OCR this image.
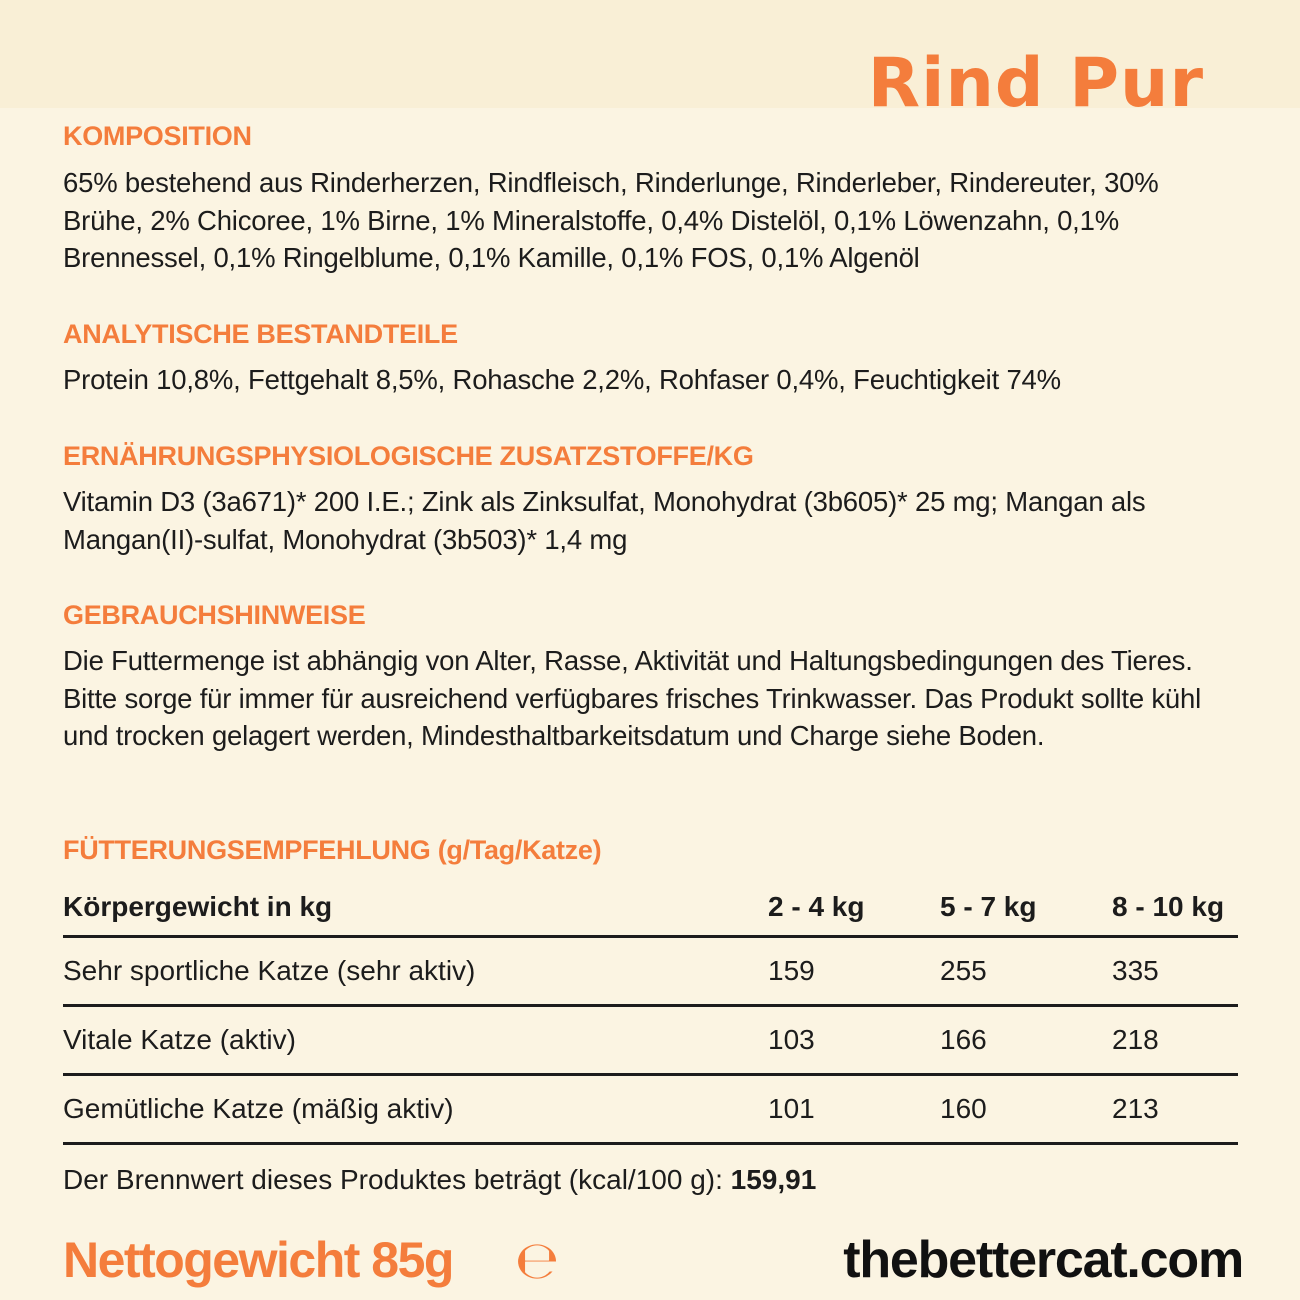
Rind Pur
KOMPOSITION
65% bestehend aus Rinderherzen, Rindfleisch, Rinderlunge, Rinderleber, Rindereuter, 30% Brühe, 2% Chicoree, 1% Birne, 1% Mineralstoffe, 0,4% Distelöl, 0,1% Löwenzahn, 0,1% Brennessel, 0,1% Ringelblume, 0,1% Kamille, 0,1% FOS, 0,1% Algenöl
ANALYTISCHE BESTANDTEILE
Protein 10,8%, Fettgehalt 8,5%, Rohasche 2,2%, Rohfaser 0,4%, Feuchtigkeit 74%
ERNÄHRUNGSPHYSIOLOGISCHE ZUSATZSTOFFE/KG
Vitamin D3 (3a671)* 200 I.E.; Zink als Zinksulfat, Monohydrat (3b605)* 25 mg; Mangan als Mangan(II)-sulfat, Monohydrat (3b503)* 1,4 mg
GEBRAUCHSHINWEISE
Die Futtermenge ist abhängig von Alter, Rasse, Aktivität und Haltungsbedingungen des Tieres. Bitte sorge für immer für ausreichend verfügbares frisches Trinkwasser. Das Produkt sollte kühl und trocken gelagert werden, Mindesthaltbarkeitsdatum und Charge siehe Boden.
FÜTTERUNGSEMPFEHLUNG (g/Tag/Katze)
Körpergewicht in kg	2 - 4 kg	5 - 7 kg	8 - 10 kg
Sehr sportliche Katze (sehr aktiv)	159	255	335
Vitale Katze (aktiv)	103	166	218
Gemütliche Katze (mäßig aktiv)	101	160	213
Der Brennwert dieses Produktes beträgt (kcal/100 g): 159,91
Nettogewicht 85g ℮	thebettercat.com
